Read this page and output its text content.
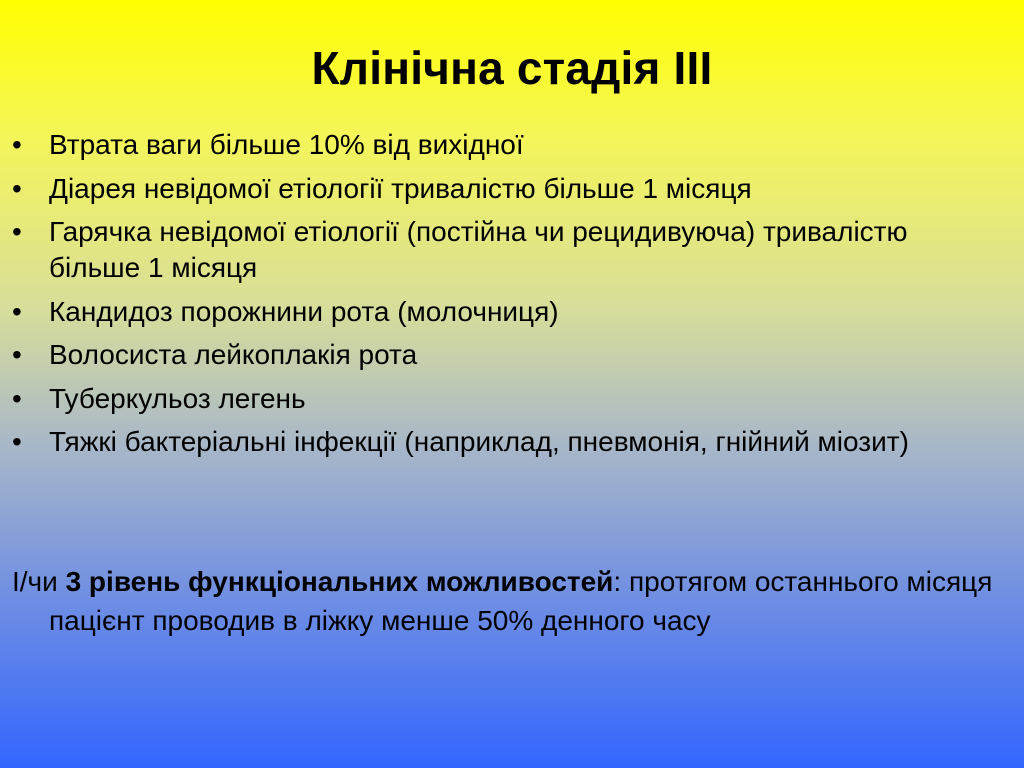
Клінічна стадія ІІІ
• Втрата ваги більше 10% від вихідної
• Діарея невідомої етіології тривалістю більше 1 місяця
• Гарячка невідомої етіології (постійна чи рецидивуюча) тривалістю більше 1 місяця
• Кандидоз порожнини рота (молочниця)
• Волосиста лейкоплакія рота
• Туберкульоз легень
• Тяжкі бактеріальні інфекції (наприклад, пневмонія, гнійний міозит)
І/чи 3 рівень функціональних можливостей: протягом останнього місяця пацієнт проводив в ліжку менше 50% денного часу
